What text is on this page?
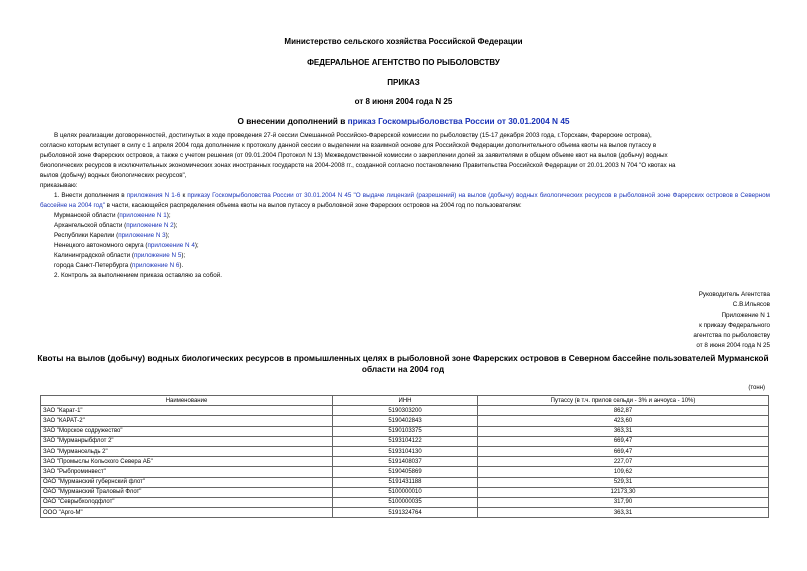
Министерство сельского хозяйства Российской Федерации
ФЕДЕРАЛЬНОЕ АГЕНТСТВО ПО РЫБОЛОВСТВУ
ПРИКАЗ
от 8 июня 2004 года N 25
О внесении дополнений в приказ Госкомрыболовства России от 30.01.2004 N 45
В целях реализации договоренностей, достигнутых в ходе проведения 27-й сессии Смешанной Российско-Фарерской комиссии по рыболовству (15-17 декабря 2003 года, г.Торсхавн, Фарерские острова),
согласно которым вступает в силу с 1 апреля 2004 года дополнение к протоколу данной сессии о выделении на взаимной основе для Российской Федерации дополнительного объема квоты на вылов путассу в
рыболовной зоне Фарерских островов, а также с учетом решения (от 09.01.2004 Протокол N 13) Межведомственной комиссии о закреплении долей за заявителями в общем объеме квот на вылов (добычу) водных
биологических ресурсов в исключительных экономических зонах иностранных государств на 2004-2008 гг., созданной согласно постановлению Правительства Российской Федерации от 20.01.2003 N 704 "О квотах на
вылов (добычу) водных биологических ресурсов",
приказываю:
1. Внести дополнения в приложения N 1-6 к приказу Госкомрыболовства России от 30.01.2004 N 45 "О выдаче лицензий (разрешений) на вылов (добычу) водных биологических ресурсов в рыболовной зоне Фарерских островов в Северном бассейне на 2004 год" в части, касающейся распределения объема квоты на вылов путассу в рыболовной зоне Фарерских островов на 2004 год по пользователям:
Мурманской области (приложение N 1);
Архангельской области (приложение N 2);
Республики Карелии (приложение N 3);
Ненецкого автономного округа (приложение N 4);
Калининградской области (приложение N 5);
города Санкт-Петербурга (приложение N 6).
2. Контроль за выполнением приказа оставляю за собой.
Руководитель Агентства
С.В.Ильясов
Приложение N 1
к приказу Федерального
агентства по рыболовству
от 8 июня 2004 года N 25
Квоты на вылов (добычу) водных биологических ресурсов в промышленных целях в рыболовной зоне Фарерских островов в Северном бассейне пользователей Мурманской области на 2004 год
(тонн)
Наименование	ИНН	Путассу (в т.ч. прилов сельди - 3% и анчоуса - 10%)
ЗАО "Карат-1"	5190303200	862,87
ЗАО "КАРАТ-2"	5190402843	423,60
ЗАО "Морское содружество"	5190103375	363,31
ЗАО "Мурманрыбфлот 2"	5193104122	669,47
ЗАО "Мурмансельдь 2"	5193104130	669,47
ЗАО "Промыслы Кольского Севера АБ"	5191408037	227,07
ЗАО "Рыбпроминвест"	5190405869	109,62
ОАО "Мурманский губернский флот"	5191431188	529,31
ОАО "Мурманский Траловый Флот"	5100000010	12173,30
ОАО "Севрыбхолодфлот"	5100000035	317,90
ООО "Арго-М"	5191324764	363,31
